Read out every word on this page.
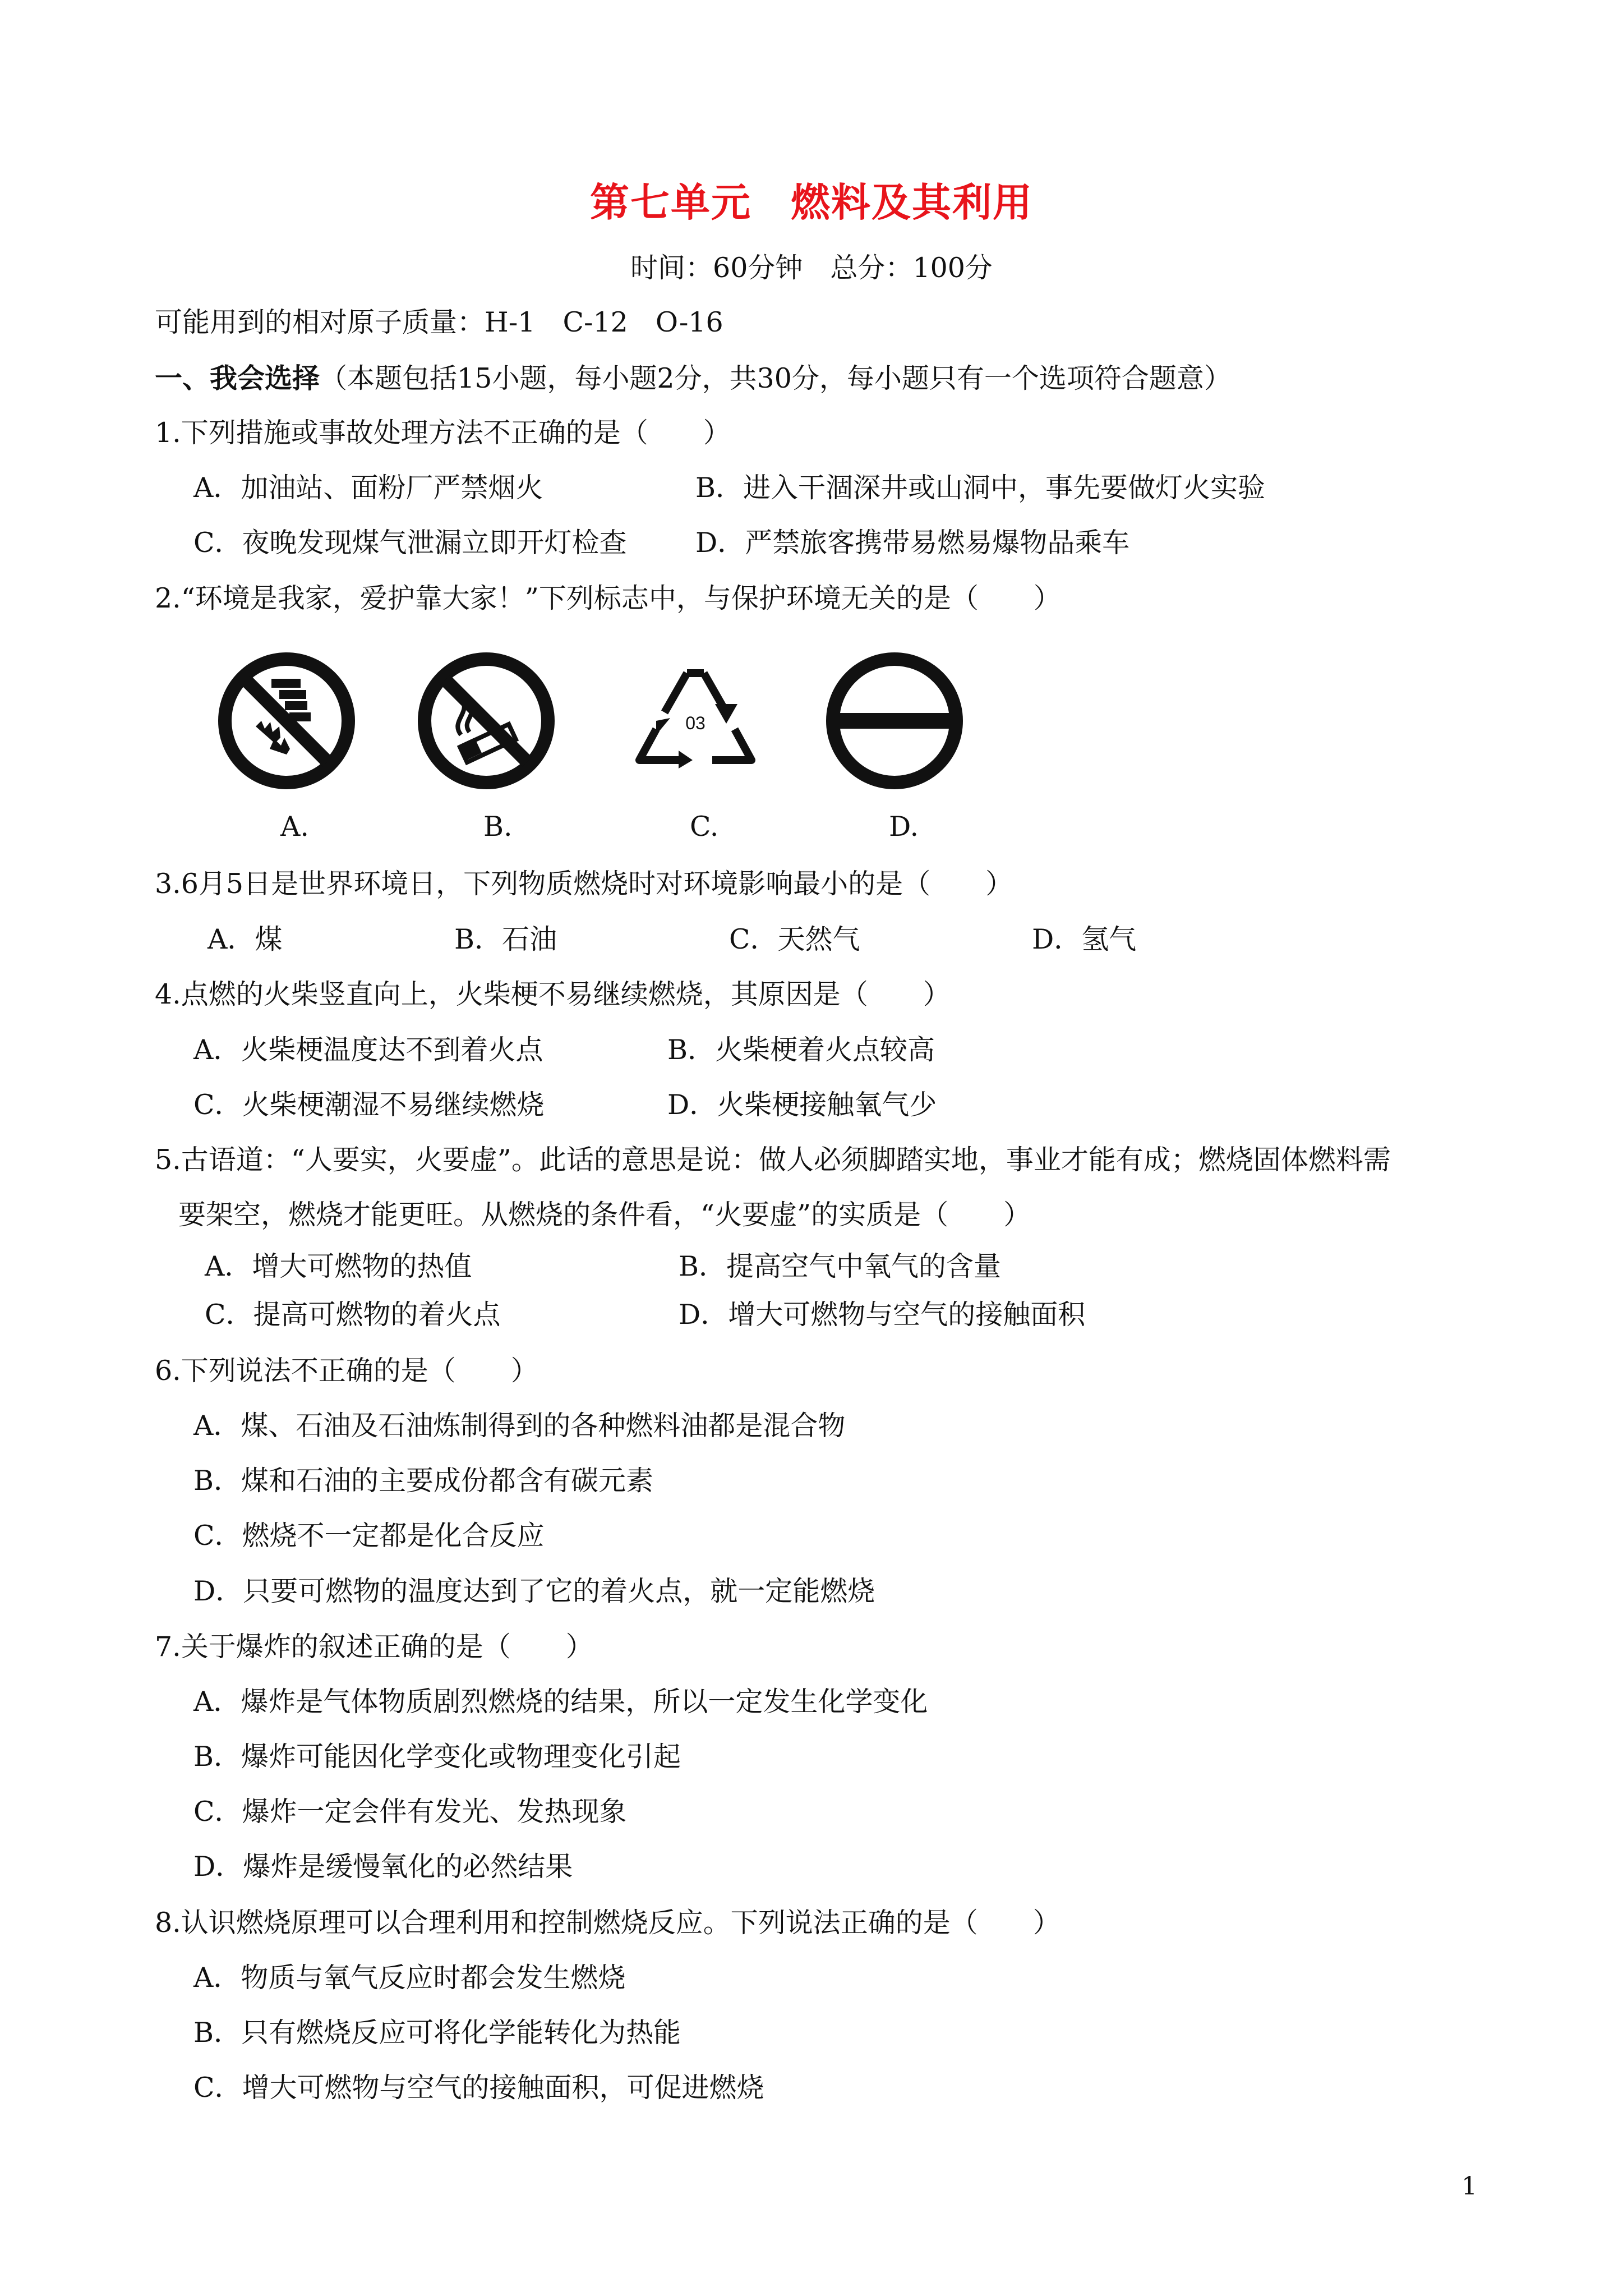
第七单元 燃料及其利用
时间：60分钟　总分：100分
可能用到的相对原子质量：H-1　C-12　O-16
一、我会选择（本题包括15小题，每小题2分，共30分，每小题只有一个选项符合题意）
1.下列措施或事故处理方法不正确的是（　　）
A．加油站、面粉厂严禁烟火	B．进入干涸深井或山洞中，事先要做灯火实验
C．夜晚发现煤气泄漏立即开灯检查	D．严禁旅客携带易燃易爆物品乘车
2.“环境是我家，爱护靠大家！”下列标志中，与保护环境无关的是（　　）
03
A.	B.	C.	D.
3.6月5日是世界环境日，下列物质燃烧时对环境影响最小的是（　　）
A．煤	B．石油	C．天然气	D．氢气
4.点燃的火柴竖直向上，火柴梗不易继续燃烧，其原因是（　　）
A．火柴梗温度达不到着火点	B．火柴梗着火点较高
C．火柴梗潮湿不易继续燃烧	D．火柴梗接触氧气少
5.古语道：“人要实，火要虚”。此话的意思是说：做人必须脚踏实地，事业才能有成；燃烧固体燃料需
要架空，燃烧才能更旺。从燃烧的条件看，“火要虚”的实质是（　　）
A．增大可燃物的热值	B．提高空气中氧气的含量
C．提高可燃物的着火点	D．增大可燃物与空气的接触面积
6.下列说法不正确的是（　　）
A．煤、石油及石油炼制得到的各种燃料油都是混合物
B．煤和石油的主要成份都含有碳元素
C．燃烧不一定都是化合反应
D．只要可燃物的温度达到了它的着火点，就一定能燃烧
7.关于爆炸的叙述正确的是（　　）
A．爆炸是气体物质剧烈燃烧的结果，所以一定发生化学变化
B．爆炸可能因化学变化或物理变化引起
C．爆炸一定会伴有发光、发热现象
D．爆炸是缓慢氧化的必然结果
8.认识燃烧原理可以合理利用和控制燃烧反应。下列说法正确的是（　　）
A．物质与氧气反应时都会发生燃烧
B．只有燃烧反应可将化学能转化为热能
C．增大可燃物与空气的接触面积，可促进燃烧
1
